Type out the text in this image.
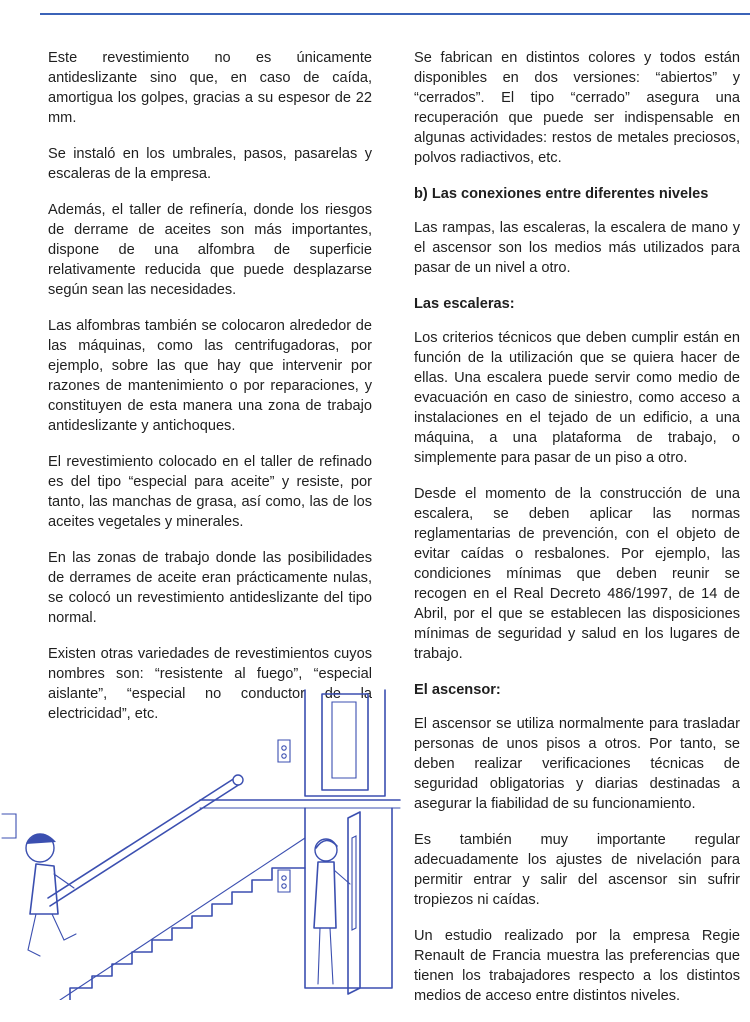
Este revestimiento no es únicamente antideslizante sino que, en caso de caída, amortigua los golpes, gracias a su espesor de 22 mm.

Se instaló en los umbrales, pasos, pasarelas y escaleras de la empresa.

Además, el taller de refinería, donde los riesgos de derrame de aceites son más importantes, dispone de una alfombra de superficie relativamente reducida que puede desplazarse según sean las necesidades.

Las alfombras también se colocaron alrededor de las máquinas, como las centrifugadoras, por ejemplo, sobre las que hay que intervenir por razones de mantenimiento o por reparaciones, y constituyen de esta manera una zona de trabajo antideslizante y antichoques.

El revestimiento colocado en el taller de refinado es del tipo “especial para aceite” y resiste, por tanto, las manchas de grasa, así como, las de los aceites vegetales y minerales.

En las zonas de trabajo donde las posibilidades de derrames de aceite eran prácticamente nulas, se colocó un revestimiento antideslizante del tipo normal.

Existen otras variedades de revestimientos cuyos nombres son: “resistente al fuego”, “especial aislante”, “especial no conductor de la electricidad”, etc.

Se fabrican en distintos colores y todos están disponibles en dos versiones: “abiertos” y “cerrados”. El tipo “cerrado” asegura una recuperación que puede ser indispensable en algunas actividades: restos de metales preciosos, polvos radiactivos, etc.

b) Las conexiones entre diferentes niveles

Las rampas, las escaleras, la escalera de mano y el ascensor son los medios más utilizados para pasar de un nivel a otro.

Las escaleras:

Los criterios técnicos que deben cumplir están en función de la utilización que se quiera hacer de ellas. Una escalera puede servir como medio de evacuación en caso de siniestro, como acceso a instalaciones en el tejado de un edificio, a una máquina, a una plataforma de trabajo, o simplemente para pasar de un piso a otro.

Desde el momento de la construcción de una escalera, se deben aplicar las normas reglamentarias de prevención, con el objeto de evitar caídas o resbalones. Por ejemplo, las condiciones mínimas que deben reunir se recogen en el Real Decreto 486/1997, de 14 de Abril, por el que se establecen las disposiciones mínimas de seguridad y salud en los lugares de trabajo.

El ascensor:

El ascensor se utiliza normalmente para trasladar personas de unos pisos a otros. Por tanto, se deben realizar verificaciones técnicas de seguridad obligatorias y diarias destinadas a asegurar la fiabilidad de su funcionamiento.

Es también muy importante regular adecuadamente los ajustes de nivelación para permitir entrar y salir del ascensor sin sufrir tropiezos ni caídas.

Un estudio realizado por la empresa Regie Renault de Francia muestra las preferencias que tienen los trabajadores respecto a los distintos medios de acceso entre distintos niveles.
